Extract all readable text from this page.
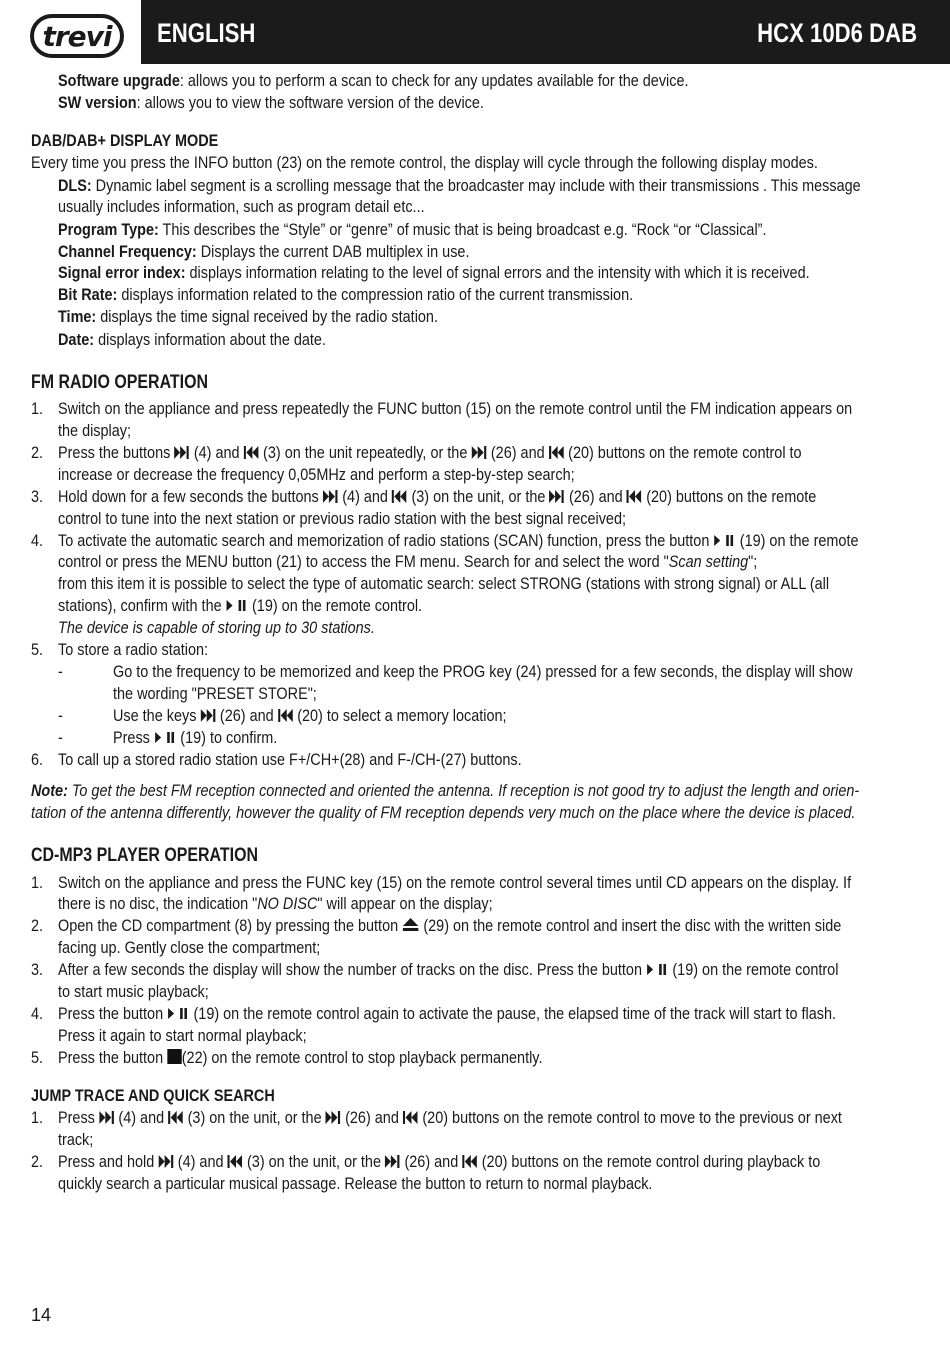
trevi	ENGLISH	HCX 10D6 DAB
Software upgrade: allows you to perform a scan to check for any updates available for the device.
SW version: allows you to view the software version of the device.
DAB/DAB+ DISPLAY MODE
Every time you press the INFO button (23) on the remote control, the display will cycle through the following display modes.
DLS: Dynamic label segment is a scrolling message that the broadcaster may include with their transmissions . This message
usually includes information, such as program detail etc...
Program Type: This describes the “Style” or “genre” of music that is being broadcast e.g. “Rock “or “Classical”.
Channel Frequency: Displays the current DAB multiplex in use.
Signal error index: displays information relating to the level of signal errors and the intensity with which it is received.
Bit Rate: displays information related to the compression ratio of the current transmission.
Time: displays the time signal received by the radio station.
Date: displays information about the date.
FM RADIO OPERATION
1. Switch on the appliance and press repeatedly the FUNC button (15) on the remote control until the FM indication appears on
the display;
2. Press the buttons
(4) and
(3) on the unit repeatedly, or the
(26) and
(20) buttons on the remote control to
increase or decrease the frequency 0,05MHz and perform a step-by-step search;
3. Hold down for a few seconds the buttons
(4) and
(3) on the unit, or the
(26) and
(20) buttons on the remote
control to tune into the next station or previous radio station with the best signal received;
4. To activate the automatic search and memorization of radio stations (SCAN) function, press the button
(19) on the remote
control or press the MENU button (21) to access the FM menu. Search for and select the word "Scan setting";
from this item it is possible to select the type of automatic search: select STRONG (stations with strong signal) or ALL (all
stations), confirm with the
(19) on the remote control.
The device is capable of storing up to 30 stations.
5. To store a radio station:
-	Go to the frequency to be memorized and keep the PROG key (24) pressed for a few seconds, the display will show
the wording "PRESET STORE";
-	Use the keys
(26) and
(20) to select a memory location;
-	Press
(19) to confirm.
6. To call up a stored radio station use F+/CH+(28) and F-/CH-(27) buttons.
Note: To get the best FM reception connected and oriented the antenna. If reception is not good try to adjust the length and orien-
tation of the antenna differently, however the quality of FM reception depends very much on the place where the device is placed.
CD-MP3 PLAYER OPERATION
1. Switch on the appliance and press the FUNC key (15) on the remote control several times until CD appears on the display. If
there is no disc, the indication "NO DISC" will appear on the display;
2. Open the CD compartment (8) by pressing the button
(29) on the remote control and insert the disc with the written side
facing up. Gently close the compartment;
3. After a few seconds the display will show the number of tracks on the disc. Press the button
(19) on the remote control
to start music playback;
4. Press the button
(19) on the remote control again to activate the pause, the elapsed time of the track will start to flash.
Press it again to start normal playback;
5. Press the button
(22) on the remote control to stop playback permanently.
JUMP TRACE AND QUICK SEARCH
1. Press
(4) and
(3) on the unit, or the
(26) and
(20) buttons on the remote control to move to the previous or next
track;
2. Press and hold
(4) and
(3) on the unit, or the
(26) and
(20) buttons on the remote control during playback to
quickly search a particular musical passage. Release the button to return to normal playback.
14
